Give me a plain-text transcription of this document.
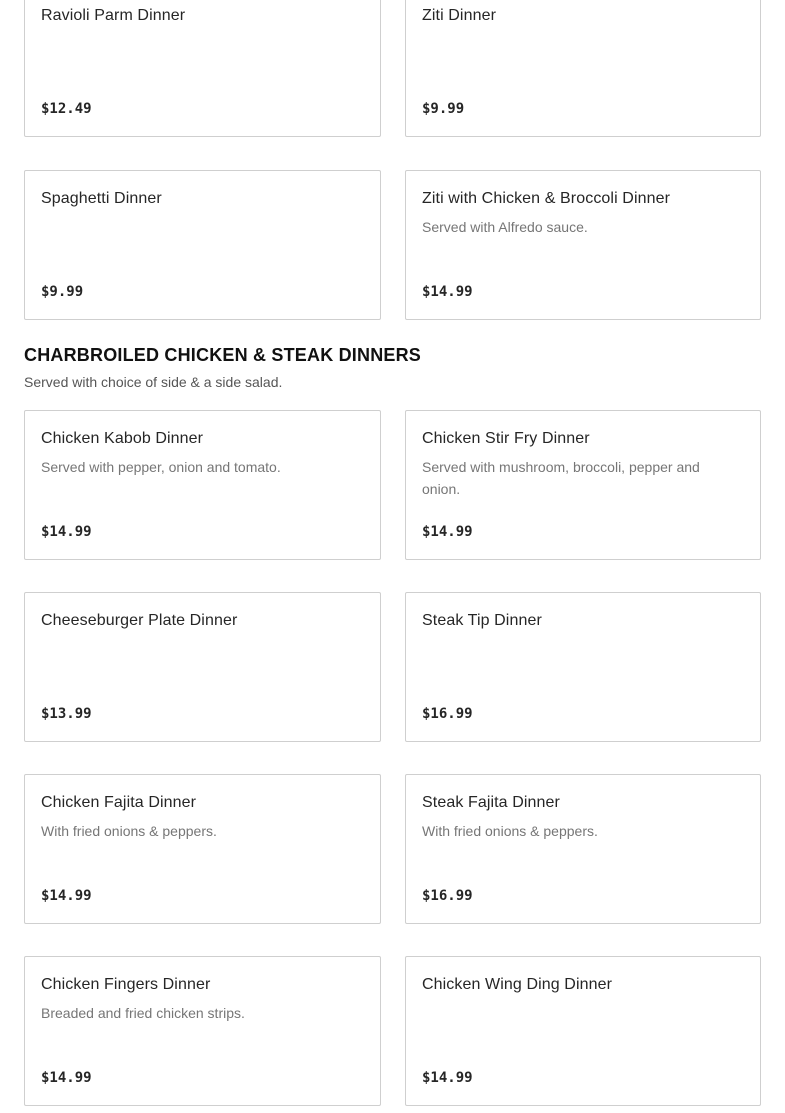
Ravioli Parm Dinner
$12.49
Ziti Dinner
$9.99
Spaghetti Dinner
$9.99
Ziti with Chicken & Broccoli Dinner
Served with Alfredo sauce.
$14.99
CHARBROILED CHICKEN & STEAK DINNERS
Served with choice of side & a side salad.
Chicken Kabob Dinner
Served with pepper, onion and tomato.
$14.99
Chicken Stir Fry Dinner
Served with mushroom, broccoli, pepper and onion.
$14.99
Cheeseburger Plate Dinner
$13.99
Steak Tip Dinner
$16.99
Chicken Fajita Dinner
With fried onions & peppers.
$14.99
Steak Fajita Dinner
With fried onions & peppers.
$16.99
Chicken Fingers Dinner
Breaded and fried chicken strips.
$14.99
Chicken Wing Ding Dinner
$14.99
